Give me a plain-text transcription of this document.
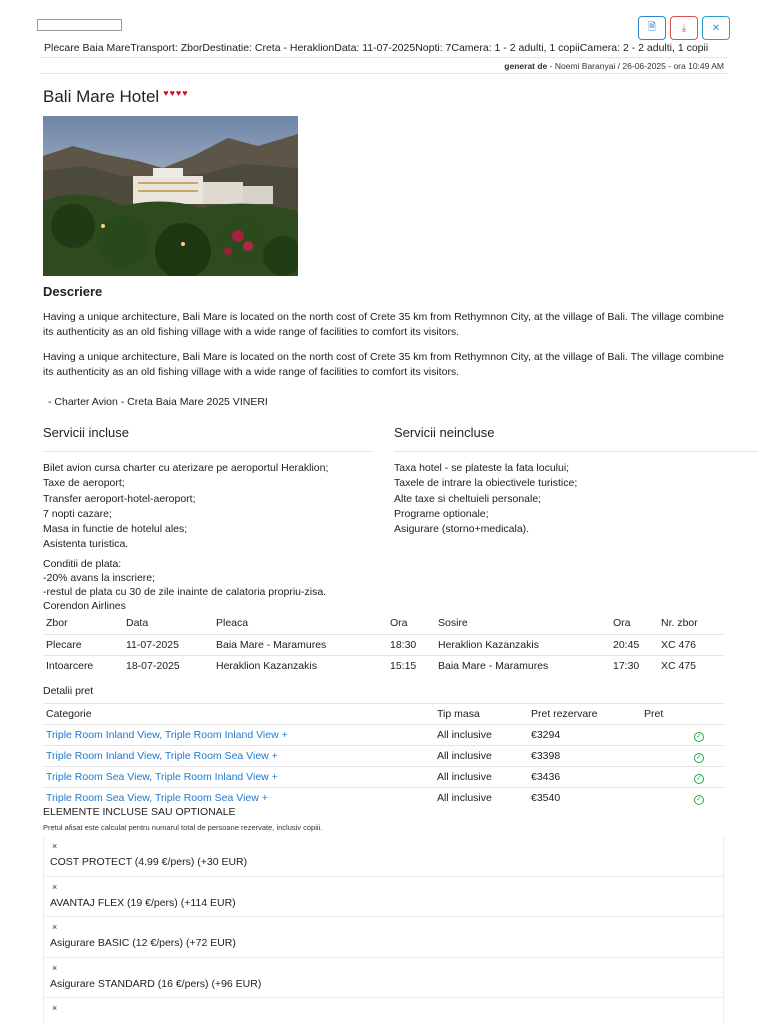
🗎	⤓	✕
Plecare Baia Mare Transport: Zbor Destinatie: Creta - Heraklion Data: 11-07-2025 Nopti: 7 Camera: 1 - 2 adulti, 1 copii Camera: 2 - 2 adulti, 1 copii
generat de - Noemi Baranyai / 26-06-2025 - ora 10:49 AM
Bali Mare Hotel ♥♥♥♥
Descriere
Having a unique architecture, Bali Mare is located on the north cost of Crete 35 km from Rethymnon City, at the village of Bali. The village combine its authenticity as an old fishing village with a wide range of facilities to comfort its visitors.
Having a unique architecture, Bali Mare is located on the north cost of Crete 35 km from Rethymnon City, at the village of Bali. The village combine its authenticity as an old fishing village with a wide range of facilities to comfort its visitors.
- Charter Avion - Creta Baia Mare 2025 VINERI
Servicii incluse	Servicii neincluse
Bilet avion cursa charter cu aterizare pe aeroportul Heraklion;
Taxe de aeroport;
Transfer aeroport-hotel-aeroport;
7 nopti cazare;
Masa in functie de hotelul ales;
Asistenta turistica.
Taxa hotel - se plateste la fata locului;
Taxele de intrare la obiectivele turistice;
Alte taxe si cheltuieli personale;
Programe optionale;
Asigurare (storno+medicala).
Conditii de plata:
-20% avans la inscriere;
-restul de plata cu 30 de zile inainte de calatoria propriu-zisa.
Corendon Airlines
Zbor	Data	Pleaca	Ora	Sosire	Ora	Nr. zbor
Plecare	11-07-2025	Baia Mare - Maramures	18:30	Heraklion Kazanzakis	20:45	XC 476
Intoarcere	18-07-2025	Heraklion Kazanzakis	15:15	Baia Mare - Maramures	17:30	XC 475
Detalii pret
Categorie	Tip masa	Pret rezervare	Pret
Triple Room Inland View, Triple Room Inland View +	All inclusive	€3294	✓
Triple Room Inland View, Triple Room Sea View +	All inclusive	€3398	✓
Triple Room Sea View, Triple Room Inland View +	All inclusive	€3436	✓
Triple Room Sea View, Triple Room Sea View +	All inclusive	€3540	✓
ELEMENTE INCLUSE SAU OPTIONALE
Pretul afisat este calculat pentru numarul total de persoane rezervate, inclusiv copiii.
×
COST PROTECT (4.99 €/pers) (+30 EUR)
×
AVANTAJ FLEX (19 €/pers) (+114 EUR)
×
Asigurare BASIC (12 €/pers) (+72 EUR)
×
Asigurare STANDARD (16 €/pers) (+96 EUR)
×
